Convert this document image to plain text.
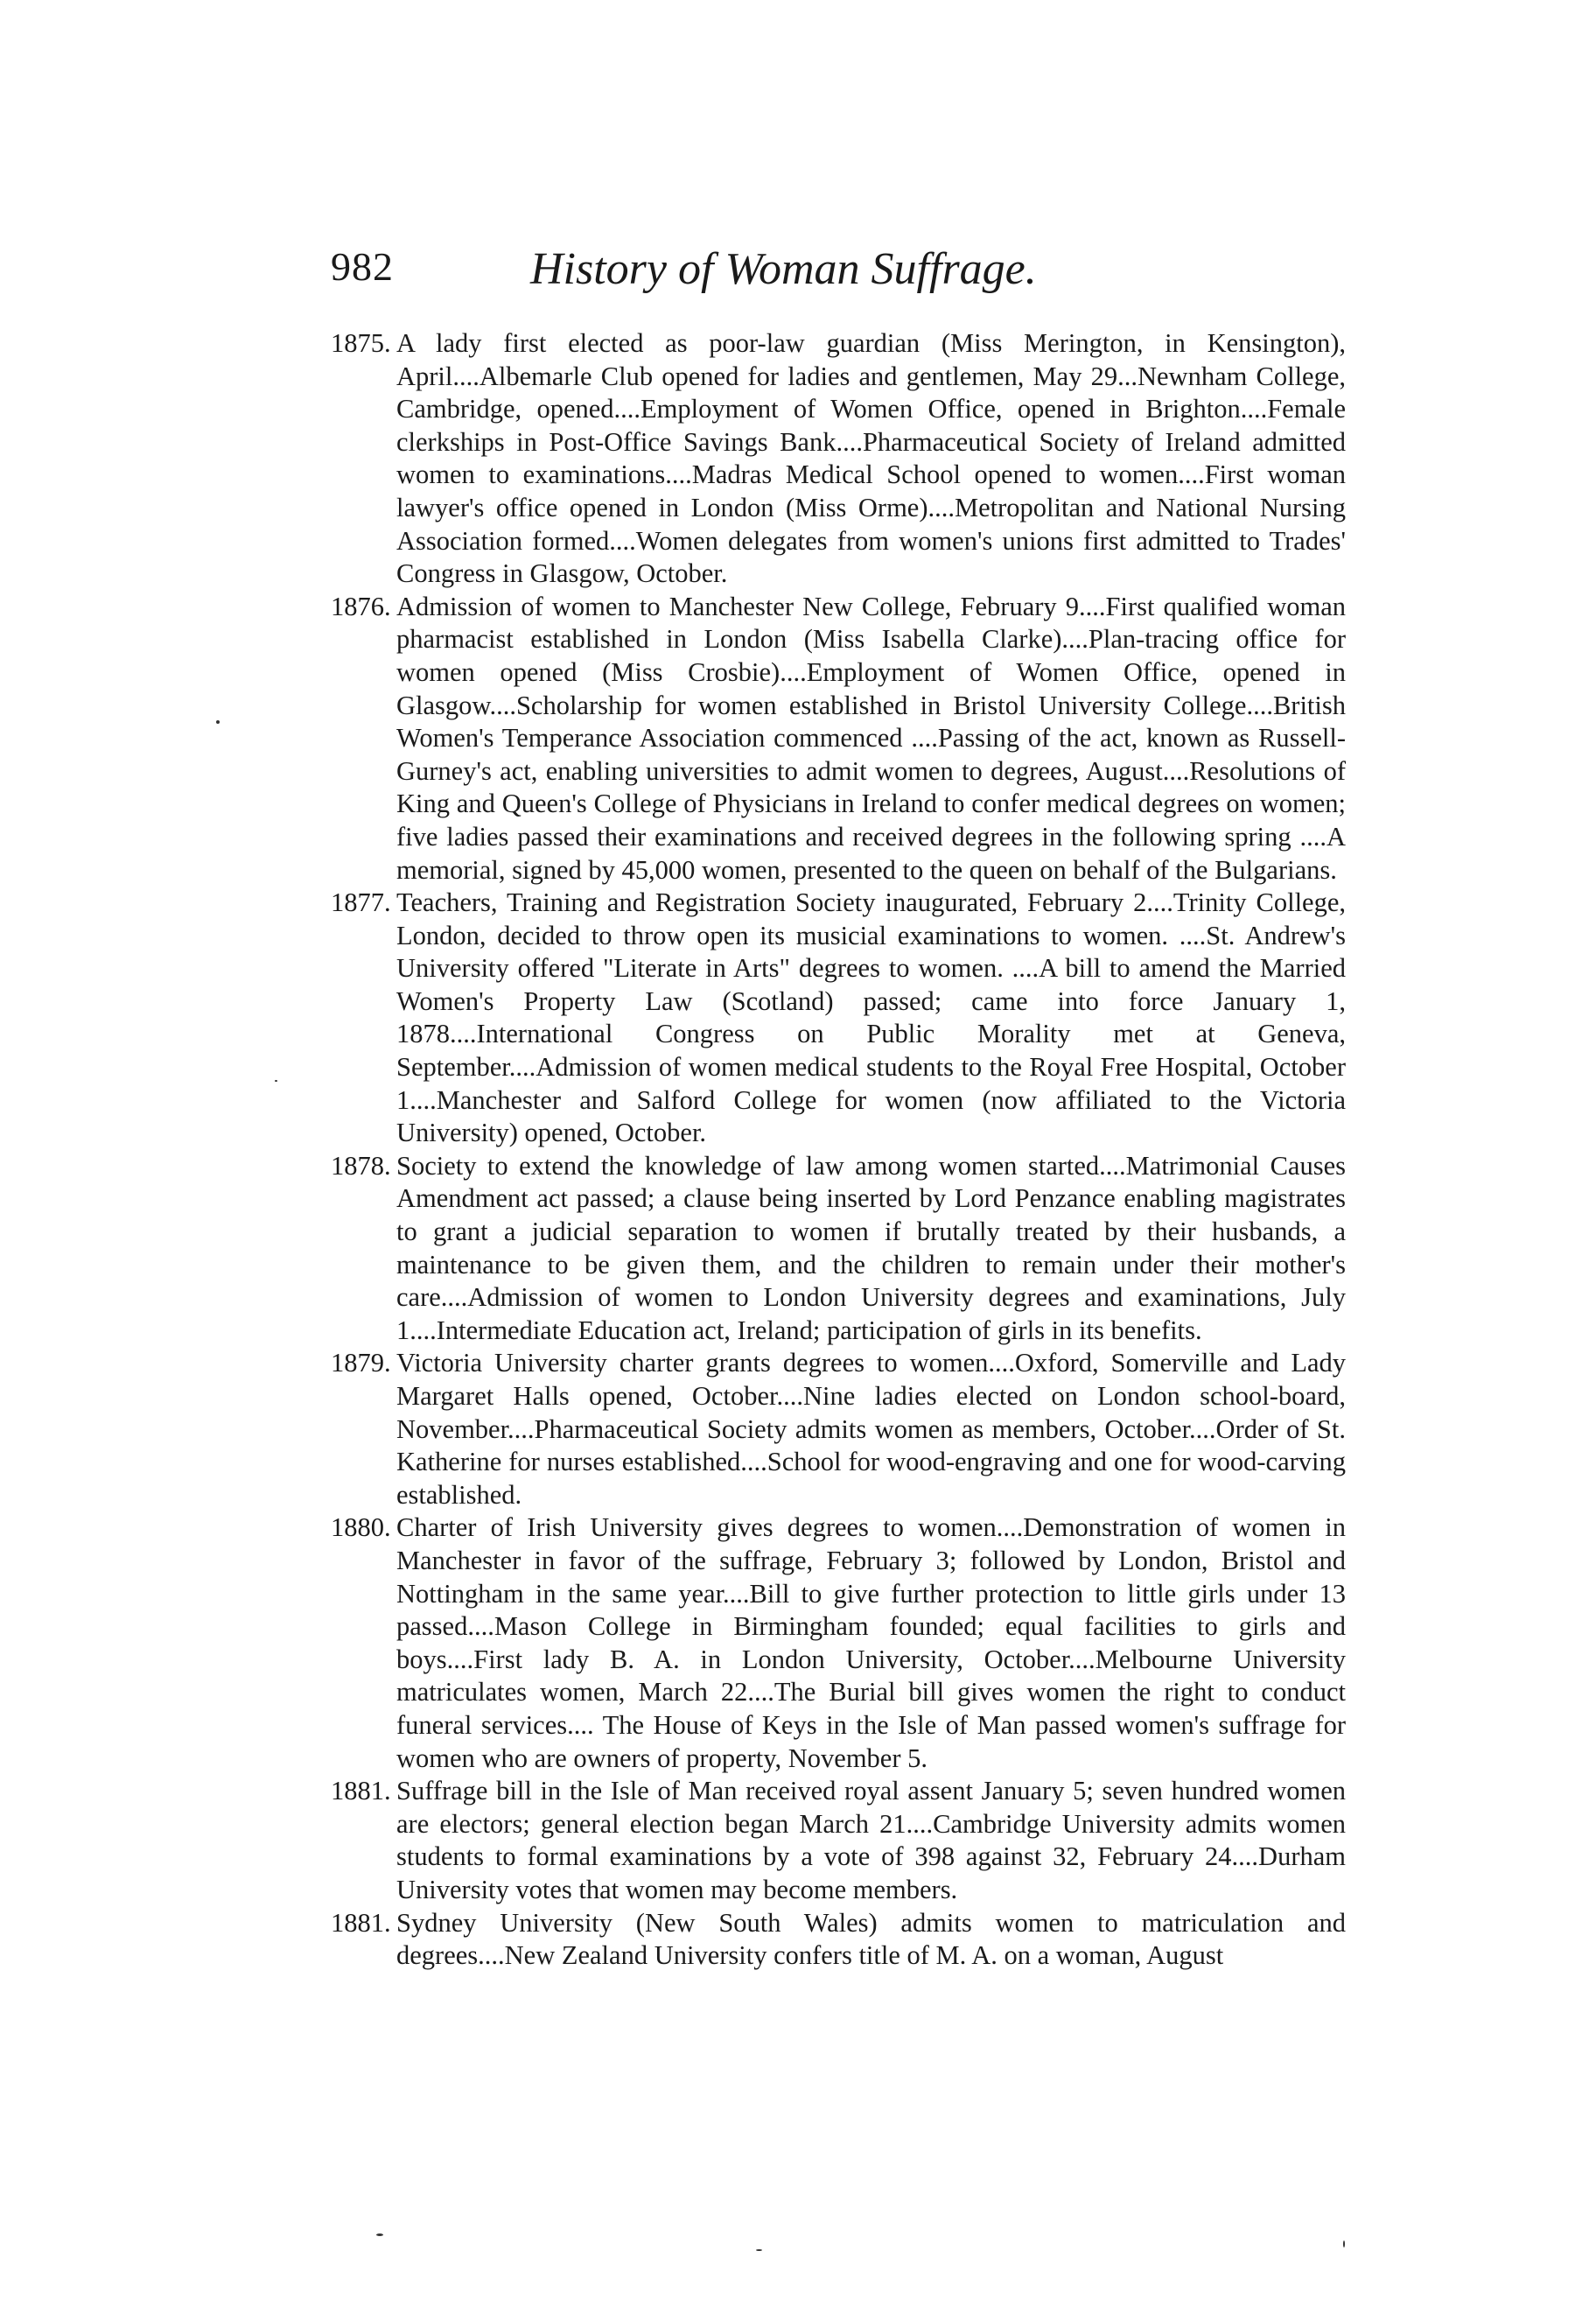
982	History of Woman Suffrage.
1875. A lady first elected as poor-law guardian (Miss Merington, in Kensington), April....Albemarle Club opened for ladies and gentlemen, May 29...Newnham College, Cambridge, opened....Employment of Women Office, opened in Brighton....Female clerkships in Post-Office Savings Bank....Pharmaceutical Society of Ireland admitted women to examinations....Madras Medical School opened to women....First woman lawyer's office opened in London (Miss Orme)....Metropolitan and National Nursing Association formed....Women delegates from women's unions first admitted to Trades' Congress in Glasgow, October.
1876. Admission of women to Manchester New College, February 9....First qualified woman pharmacist established in London (Miss Isabella Clarke)....Plan-tracing office for women opened (Miss Crosbie)....Employment of Women Office, opened in Glasgow....Scholarship for women established in Bristol University College....British Women's Temperance Association commenced ....Passing of the act, known as Russell-Gurney's act, enabling universities to admit women to degrees, August....Resolutions of King and Queen's College of Physicians in Ireland to confer medical degrees on women; five ladies passed their examinations and received degrees in the following spring ....A memorial, signed by 45,000 women, presented to the queen on behalf of the Bulgarians.
1877. Teachers, Training and Registration Society inaugurated, February 2....Trinity College, London, decided to throw open its musicial examinations to women. ....St. Andrew's University offered "Literate in Arts" degrees to women. ....A bill to amend the Married Women's Property Law (Scotland) passed; came into force January 1, 1878....International Congress on Public Morality met at Geneva, September....Admission of women medical students to the Royal Free Hospital, October 1....Manchester and Salford College for women (now affiliated to the Victoria University) opened, October.
1878. Society to extend the knowledge of law among women started....Matrimonial Causes Amendment act passed; a clause being inserted by Lord Penzance enabling magistrates to grant a judicial separation to women if brutally treated by their husbands, a maintenance to be given them, and the children to remain under their mother's care....Admission of women to London University degrees and examinations, July 1....Intermediate Education act, Ireland; participation of girls in its benefits.
1879. Victoria University charter grants degrees to women....Oxford, Somerville and Lady Margaret Halls opened, October....Nine ladies elected on London school-board, November....Pharmaceutical Society admits women as members, October....Order of St. Katherine for nurses established....School for wood-engraving and one for wood-carving established.
1880. Charter of Irish University gives degrees to women....Demonstration of women in Manchester in favor of the suffrage, February 3; followed by London, Bristol and Nottingham in the same year....Bill to give further protection to little girls under 13 passed....Mason College in Birmingham founded; equal facilities to girls and boys....First lady B. A. in London University, October....Melbourne University matriculates women, March 22....The Burial bill gives women the right to conduct funeral services.... The House of Keys in the Isle of Man passed women's suffrage for women who are owners of property, November 5.
1881. Suffrage bill in the Isle of Man received royal assent January 5; seven hundred women are electors; general election began March 21....Cambridge University admits women students to formal examinations by a vote of 398 against 32, February 24....Durham University votes that women may become members.
1881. Sydney University (New South Wales) admits women to matriculation and degrees....New Zealand University confers title of M. A. on a woman, August
